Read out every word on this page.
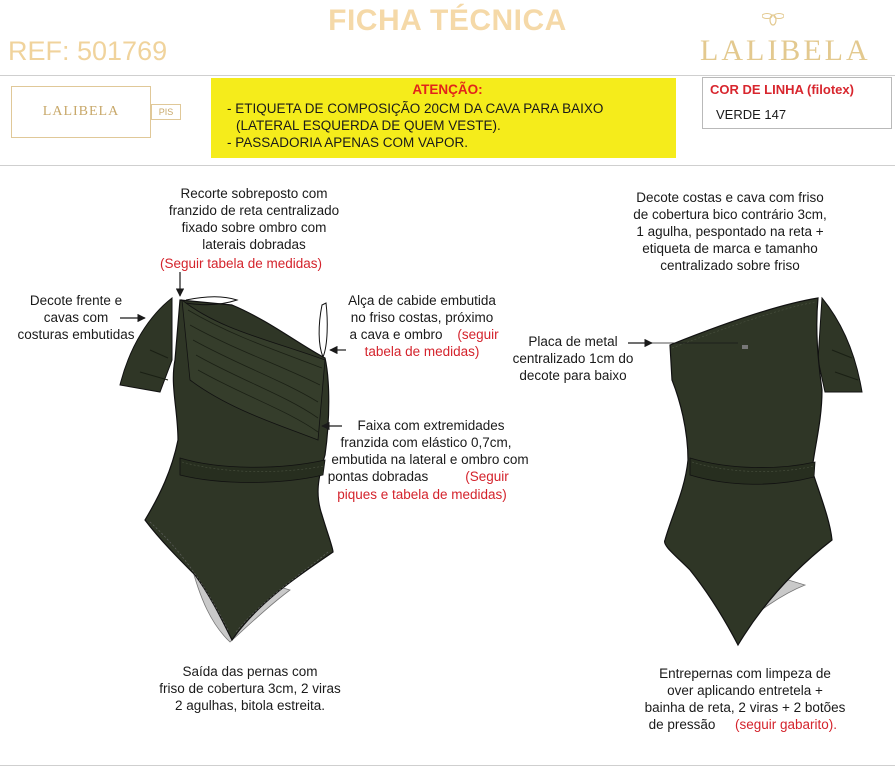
FICHA TÉCNICA
REF: 501769	LALIBELA
LALIBELA	PIS
ATENÇÃO:
- ETIQUETA DE COMPOSIÇÃO 20CM DA CAVA PARA BAIXO
(LATERAL ESQUERDA DE QUEM VESTE).
- PASSADORIA APENAS COM VAPOR.
COR DE LINHA (filotex)
VERDE 147
Recorte sobreposto com
franzido de reta centralizado
fixado sobre ombro com
laterais dobradas
(Seguir tabela de medidas)
Decote frente e
cavas com
costuras embutidas
Alça de cabide embutida
no friso costas, próximo
a cava e ombro (seguir
tabela de medidas)
Faixa com extremidades
franzida com elástico 0,7cm,
embutida na lateral e ombro com
pontas dobradas	(Seguir
piques e tabela de medidas)
Saída das pernas com
friso de cobertura 3cm, 2 viras
2 agulhas, bitola estreita.
Decote costas e cava com friso
de cobertura bico contrário 3cm,
1 agulha, pespontado na reta +
etiqueta de marca e tamanho
centralizado sobre friso
Placa de metal
centralizado 1cm do
decote para baixo
Entrepernas com limpeza de
over aplicando entretela +
bainha de reta, 2 viras + 2 botões
de pressão (seguir gabarito).
